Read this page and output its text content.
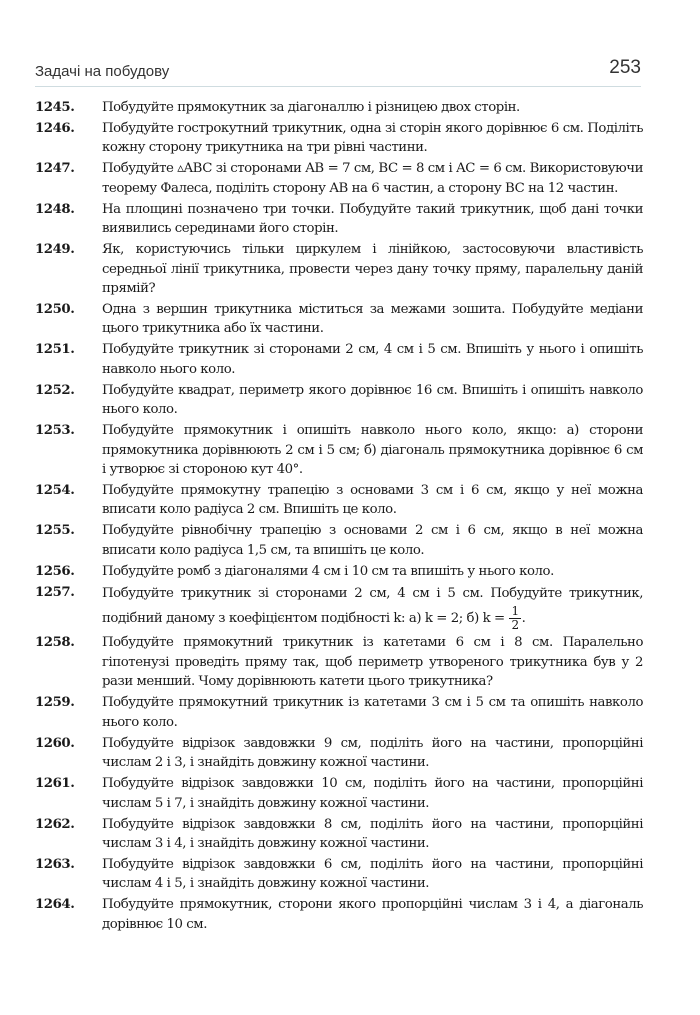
Задачі на побудову	253
1245.	Побудуйте прямокутник за діагоналлю і різницею двох сторін.
1246.	Побудуйте гострокутний трикутник, одна зі сторін якого дорівнює 6 см. Поділіть кожну сторону трикутника на три рівні частини.
1247.	Побудуйте ▵ABC зі сторонами AB = 7 см, BC = 8 см і AC = 6 см. Використовуючи теорему Фалеса, поділіть сторону AB на 6 частин, а сторону BC на 12 частин.
1248.	На площині позначено три точки. Побудуйте такий трикутник, щоб дані точки виявились серединами його сторін.
1249.	Як, користуючись тільки циркулем і лінійкою, застосовуючи властивість середньої лінії трикутника, провести через дану точку пряму, паралельну даній прямій?
1250.	Одна з вершин трикутника міститься за межами зошита. Побудуйте медіани цього трикутника або їх частини.
1251.	Побудуйте трикутник зі сторонами 2 см, 4 см і 5 см. Впишіть у нього і опишіть навколо нього коло.
1252.	Побудуйте квадрат, периметр якого дорівнює 16 см. Впишіть і опишіть навколо нього коло.
1253.	Побудуйте прямокутник і опишіть навколо нього коло, якщо: а) сторони прямокутника дорівнюють 2 см і 5 см; б) діагональ прямокутника дорівнює 6 см і утворює зі стороною кут 40°.
1254.	Побудуйте прямокутну трапецію з основами 3 см і 6 см, якщо у неї можна вписати коло радіуса 2 см. Впишіть це коло.
1255.	Побудуйте рівнобічну трапецію з основами 2 см і 6 см, якщо в неї можна вписати коло радіуса 1,5 см, та впишіть це коло.
1256.	Побудуйте ромб з діагоналями 4 см і 10 см та впишіть у нього коло.
1257.	Побудуйте трикутник зі сторонами 2 см, 4 см і 5 см. Побудуйте трикутник, подібний даному з коефіцієнтом подібності k: а) k = 2; б) $k = \frac{1}{2}$ .
1258.	Побудуйте прямокутний трикутник із катетами 6 см і 8 см. Паралельно гіпотенузі проведіть пряму так, щоб периметр утвореного трикутника був у 2 рази менший. Чому дорівнюють катети цього трикутника?
1259.	Побудуйте прямокутний трикутник із катетами 3 см і 5 см та опишіть навколо нього коло.
1260.	Побудуйте відрізок завдовжки 9 см, поділіть його на частини, пропорційні числам 2 і 3, і знайдіть довжину кожної частини.
1261.	Побудуйте відрізок завдовжки 10 см, поділіть його на частини, пропорційні числам 5 і 7, і знайдіть довжину кожної частини.
1262.	Побудуйте відрізок завдовжки 8 см, поділіть його на частини, пропорційні числам 3 і 4, і знайдіть довжину кожної частини.
1263.	Побудуйте відрізок завдовжки 6 см, поділіть його на частини, пропорційні числам 4 і 5, і знайдіть довжину кожної частини.
1264.	Побудуйте прямокутник, сторони якого пропорційні числам 3 і 4, а діагональ дорівнює 10 см.
